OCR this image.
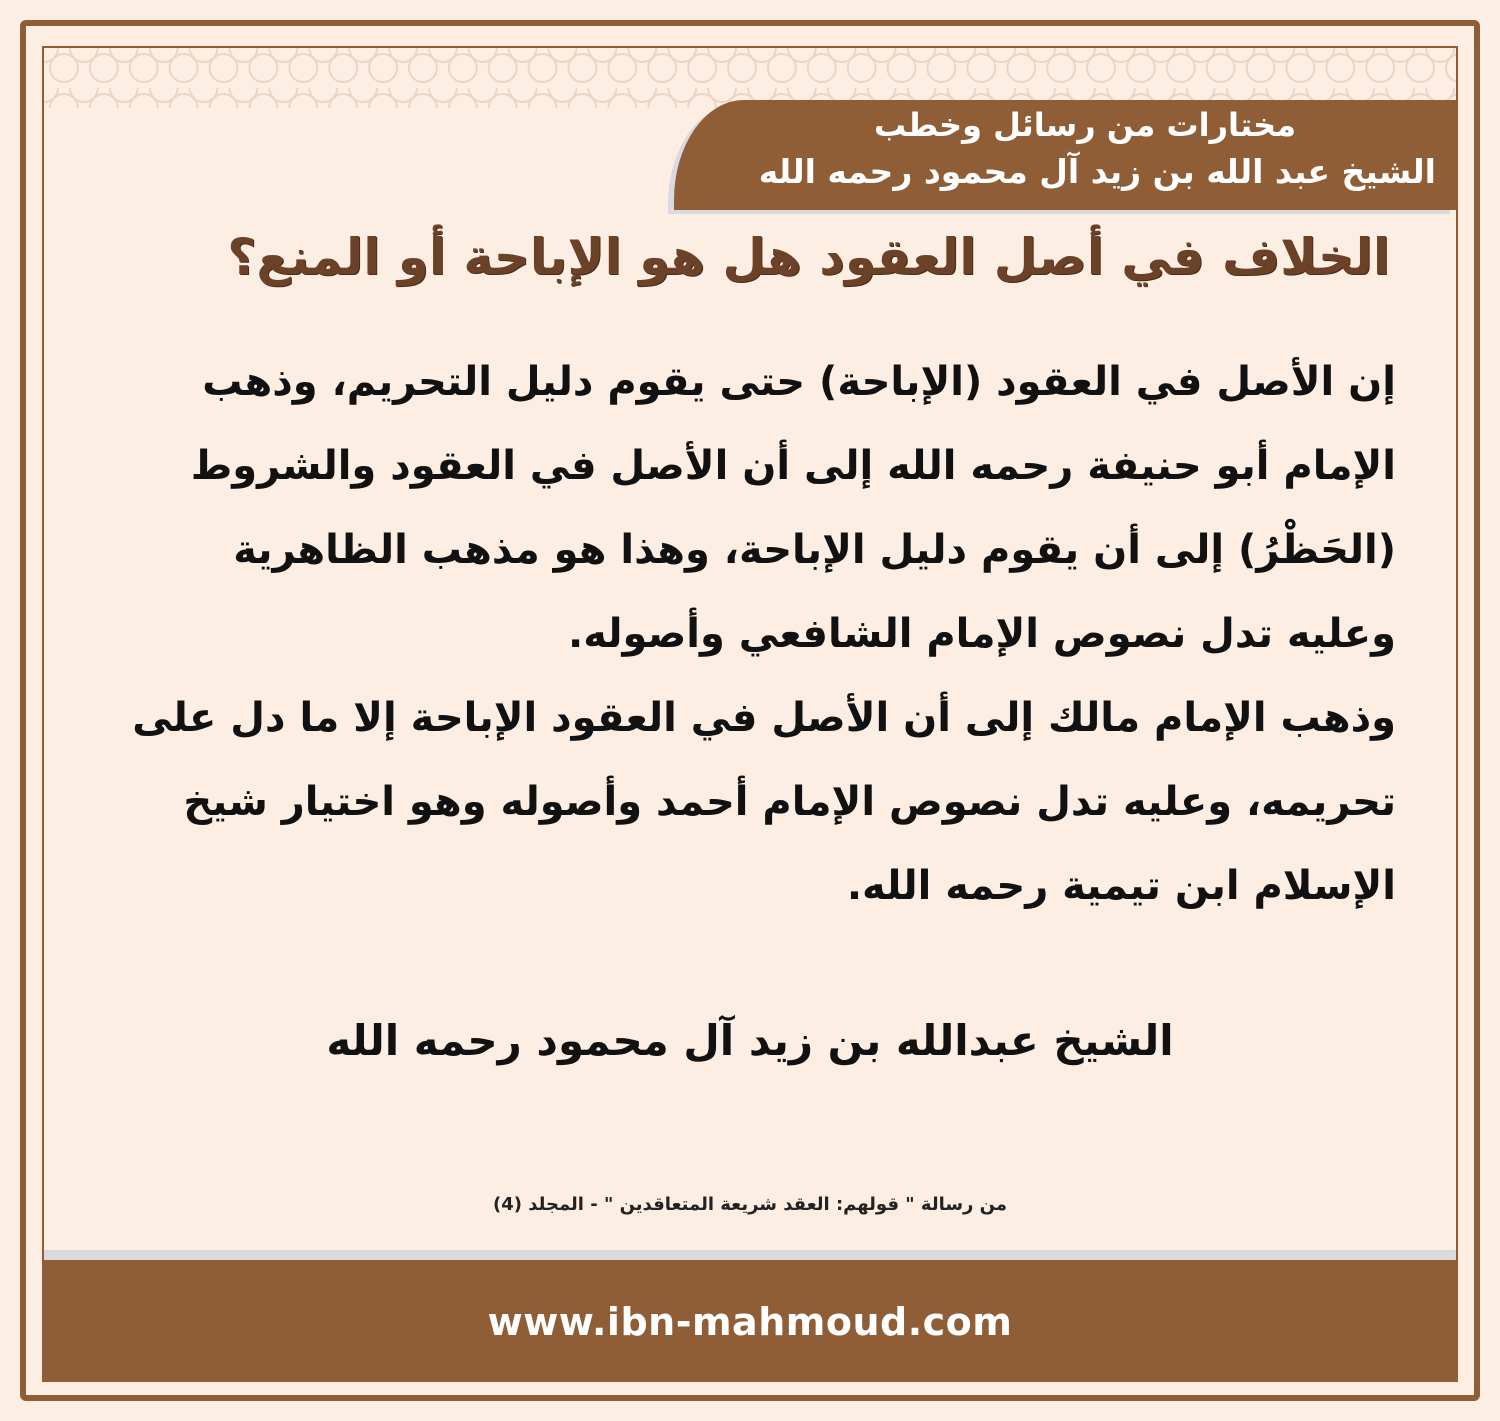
مختارات من رسائل وخطب
الشيخ عبد الله بن زيد آل محمود رحمه الله
الخلاف في أصل العقود هل هو الإباحة أو المنع؟

إن الأصل في العقود (الإباحة) حتى يقوم دليل التحريم، وذهب الإمام أبو حنيفة رحمه الله إلى أن الأصل في العقود والشروط (الحَظْرُ) إلى أن يقوم دليل الإباحة، وهذا هو مذهب الظاهرية وعليه تدل نصوص الإمام الشافعي وأصوله.

وذهب الإمام مالك إلى أن الأصل في العقود الإباحة إلا ما دل على تحريمه، وعليه تدل نصوص الإمام أحمد وأصوله وهو اختيار شيخ الإسلام ابن تيمية رحمه الله.

الشيخ عبدالله بن زيد آل محمود رحمه الله
من رسالة " قولهم: العقد شريعة المتعاقدين " - المجلد (4)
www.ibn-mahmoud.com
